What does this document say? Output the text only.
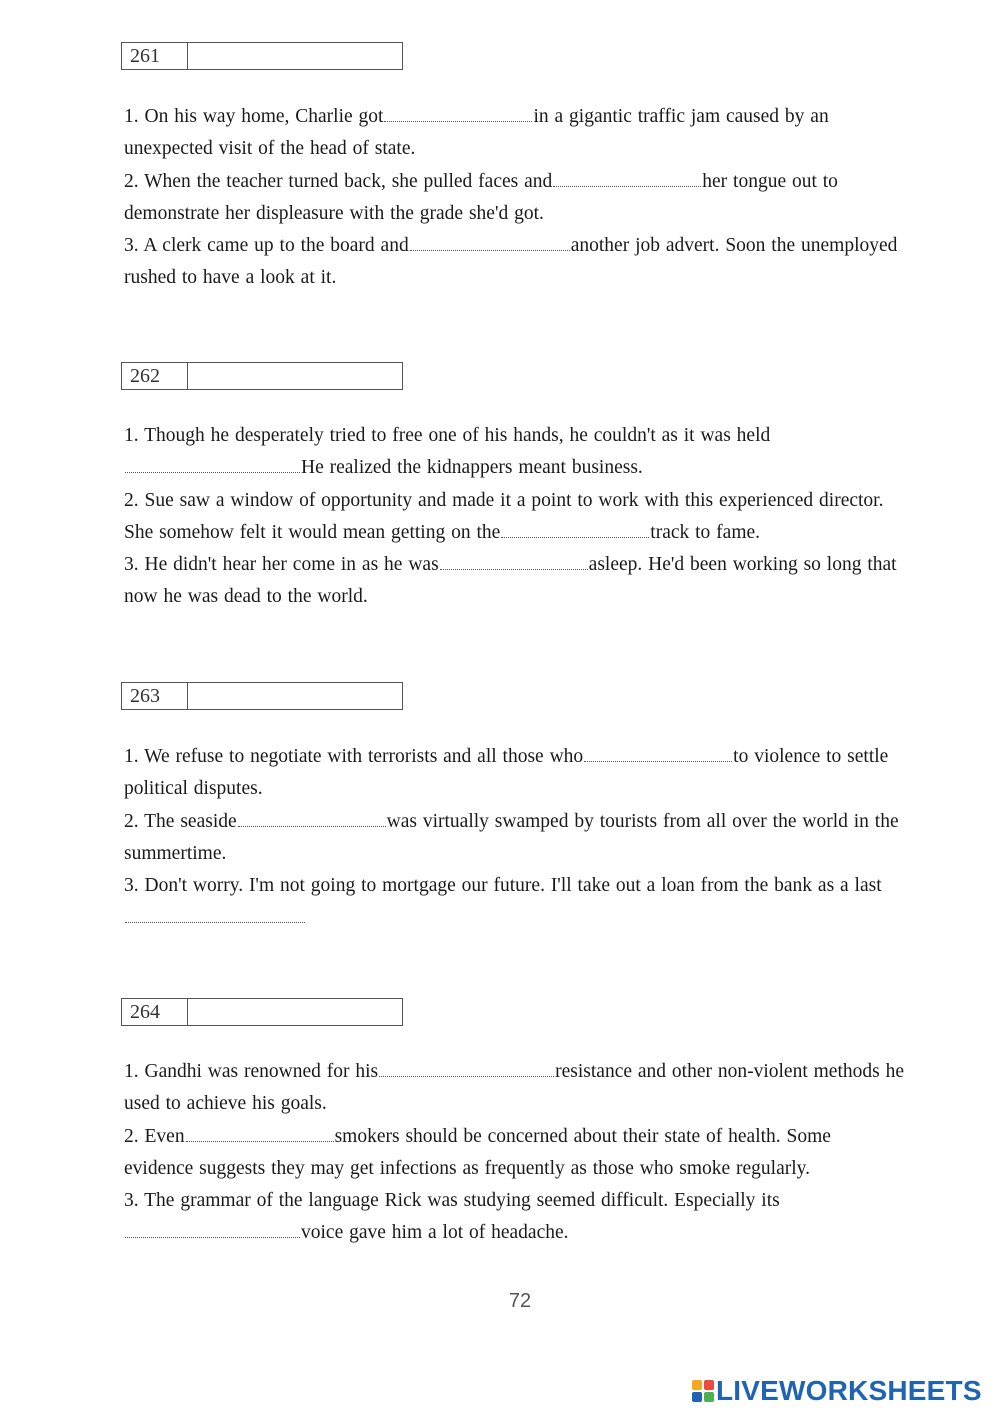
261

1. On his way home, Charlie got	in a gigantic traffic jam caused by an unexpected visit of the head of state.

2. When the teacher turned back, she pulled faces and	her tongue out to demonstrate her displeasure with the grade she'd got.

3. A clerk came up to the board and	another job advert. Soon the unemployed rushed to have a look at it.

262

1. Though he desperately tried to free one of his hands, he couldn't as it was held He realized the kidnappers meant business.

2. Sue saw a window of opportunity and made it a point to work with this experienced director. She somehow felt it would mean getting on the	track to fame.

3. He didn't hear her come in as he was	asleep. He'd been working so long that now he was dead to the world.

263

1. We refuse to negotiate with terrorists and all those who	to violence to settle political disputes.

2. The seaside	was virtually swamped by tourists from all over the world in the summertime.

3. Don't worry. I'm not going to mortgage our future. I'll take out a loan from the bank as a last

264

1. Gandhi was renowned for his	resistance and other non-violent methods he used to achieve his goals.

2. Even	smokers should be concerned about their state of health. Some evidence suggests they may get infections as frequently as those who smoke regularly.

3. The grammar of the language Rick was studying seemed difficult. Especially its voice gave him a lot of headache.

72
LIVEWORKSHEETS
